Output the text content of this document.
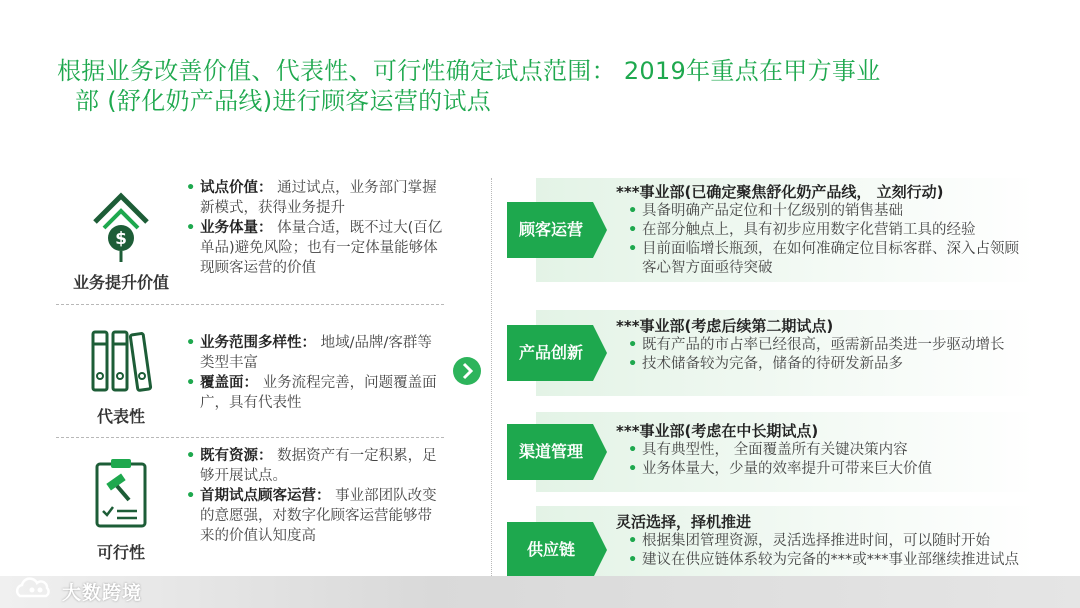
根据业务改善价值、代表性、可行性确定试点范围： 2019年重点在甲方事业
部 (舒化奶产品线)进行顾客运营的试点
$
业务提升价值
• 试点价值： 通过试点，业务部门掌握新模式，获得业务提升
• 业务体量： 体量合适，既不过大(百亿单品)避免风险；也有一定体量能够体现顾客运营的价值
代表性
• 业务范围多样性： 地域/品牌/客群等类型丰富
• 覆盖面： 业务流程完善，问题覆盖面广，具有代表性
可行性
• 既有资源： 数据资产有一定积累，足够开展试点。
• 首期试点顾客运营： 事业部团队改变的意愿强，对数字化顾客运营能够带来的价值认知度高
顾客运营
***事业部(已确定聚焦舒化奶产品线， 立刻行动)
• 具备明确产品定位和十亿级别的销售基础
• 在部分触点上，具有初步应用数字化营销工具的经验
• 目前面临增长瓶颈，在如何准确定位目标客群、深入占领顾客心智方面亟待突破
产品创新
***事业部(考虑后续第二期试点)
• 既有产品的市占率已经很高，亟需新品类进一步驱动增长
• 技术储备较为完备，储备的待研发新品多
渠道管理
***事业部(考虑在中长期试点)
• 具有典型性， 全面覆盖所有关键决策内容
• 业务体量大，少量的效率提升可带来巨大价值
供应链
灵活选择，择机推进
• 根据集团管理资源，灵活选择推进时间，可以随时开始
• 建议在供应链体系较为完备的***或***事业部继续推进试点
大数跨境
